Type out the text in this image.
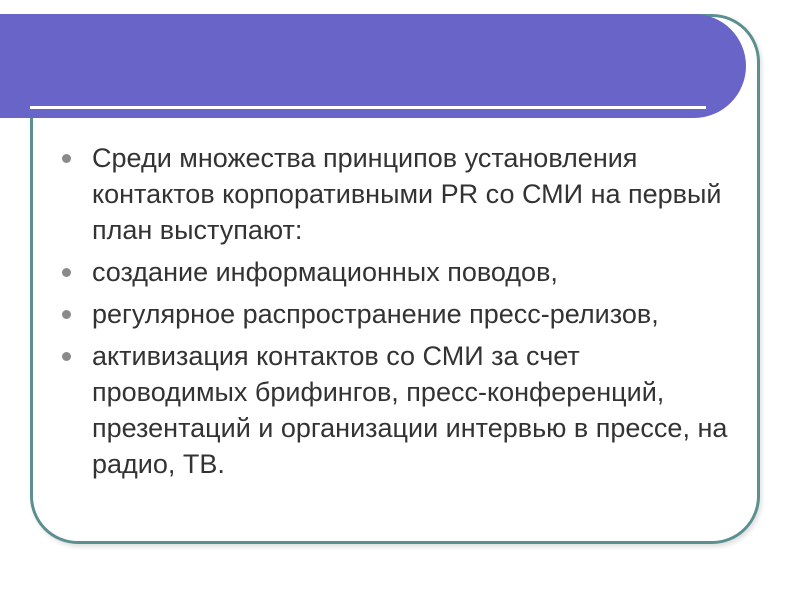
Среди множества принципов установления контактов корпоративными PR со СМИ на первый план выступают:
создание информационных поводов,
регулярное распространение пресс-релизов,
активизация контактов со СМИ за счет проводимых брифингов, пресс-конференций, презентаций и организации интервью в прессе, на радио, ТВ.
